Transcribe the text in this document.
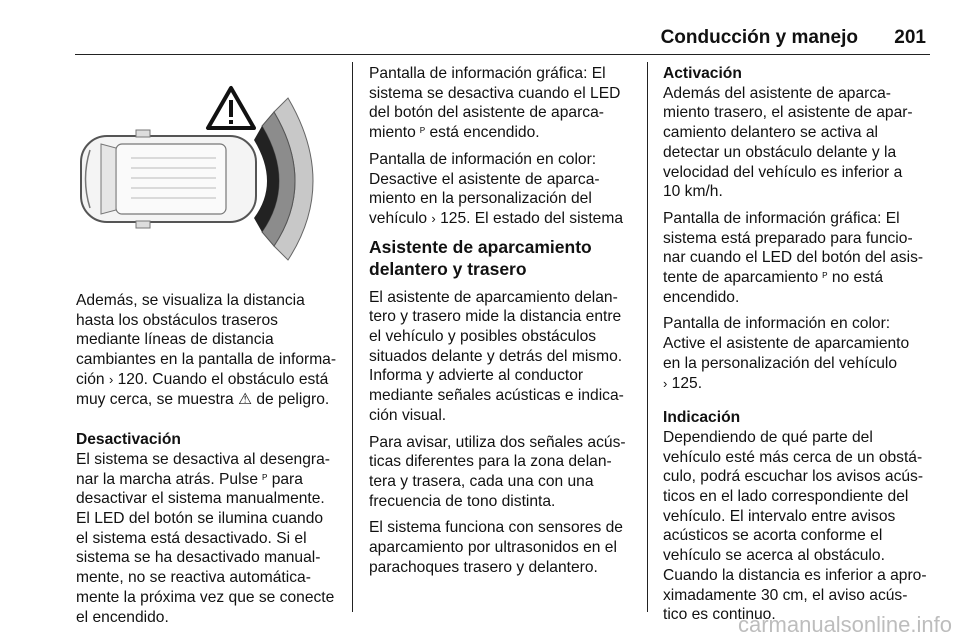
Conducción y manejo 201

Además, se visualiza la distancia
hasta los obstáculos traseros
mediante líneas de distancia
cambiantes en la pantalla de informa-
ción › 120. Cuando el obstáculo está
muy cerca, se muestra ⚠ de peligro.

Desactivación

El sistema se desactiva al desengra-
nar la marcha atrás. Pulse ᴾ para
desactivar el sistema manualmente.
El LED del botón se ilumina cuando
el sistema está desactivado. Si el
sistema se ha desactivado manual-
mente, no se reactiva automática-
mente la próxima vez que se conecte
el encendido.

Pantalla de información gráfica: El
sistema se desactiva cuando el LED
del botón del asistente de aparca-
miento ᴾ está encendido.

Pantalla de información en color:
Desactive el asistente de aparca-
miento en la personalización del
vehículo › 125. El estado del sistema

Asistente de aparcamiento
delantero y trasero

El asistente de aparcamiento delan-
tero y trasero mide la distancia entre
el vehículo y posibles obstáculos
situados delante y detrás del mismo.
Informa y advierte al conductor
mediante señales acústicas e indica-
ción visual.

Para avisar, utiliza dos señales acús-
ticas diferentes para la zona delan-
tera y trasera, cada una con una
frecuencia de tono distinta.

El sistema funciona con sensores de
aparcamiento por ultrasonidos en el
parachoques trasero y delantero.

Activación

Además del asistente de aparca-
miento trasero, el asistente de apar-
camiento delantero se activa al
detectar un obstáculo delante y la
velocidad del vehículo es inferior a
10 km/h.

Pantalla de información gráfica: El
sistema está preparado para funcio-
nar cuando el LED del botón del asis-
tente de aparcamiento ᴾ no está
encendido.

Pantalla de información en color:
Active el asistente de aparcamiento
en la personalización del vehículo
› 125.

Indicación

Dependiendo de qué parte del
vehículo esté más cerca de un obstá-
culo, podrá escuchar los avisos acús-
ticos en el lado correspondiente del
vehículo. El intervalo entre avisos
acústicos se acorta conforme el
vehículo se acerca al obstáculo.
Cuando la distancia es inferior a apro-
ximadamente 30 cm, el aviso acús-
tico es continuo.

carmanualsonline.info
